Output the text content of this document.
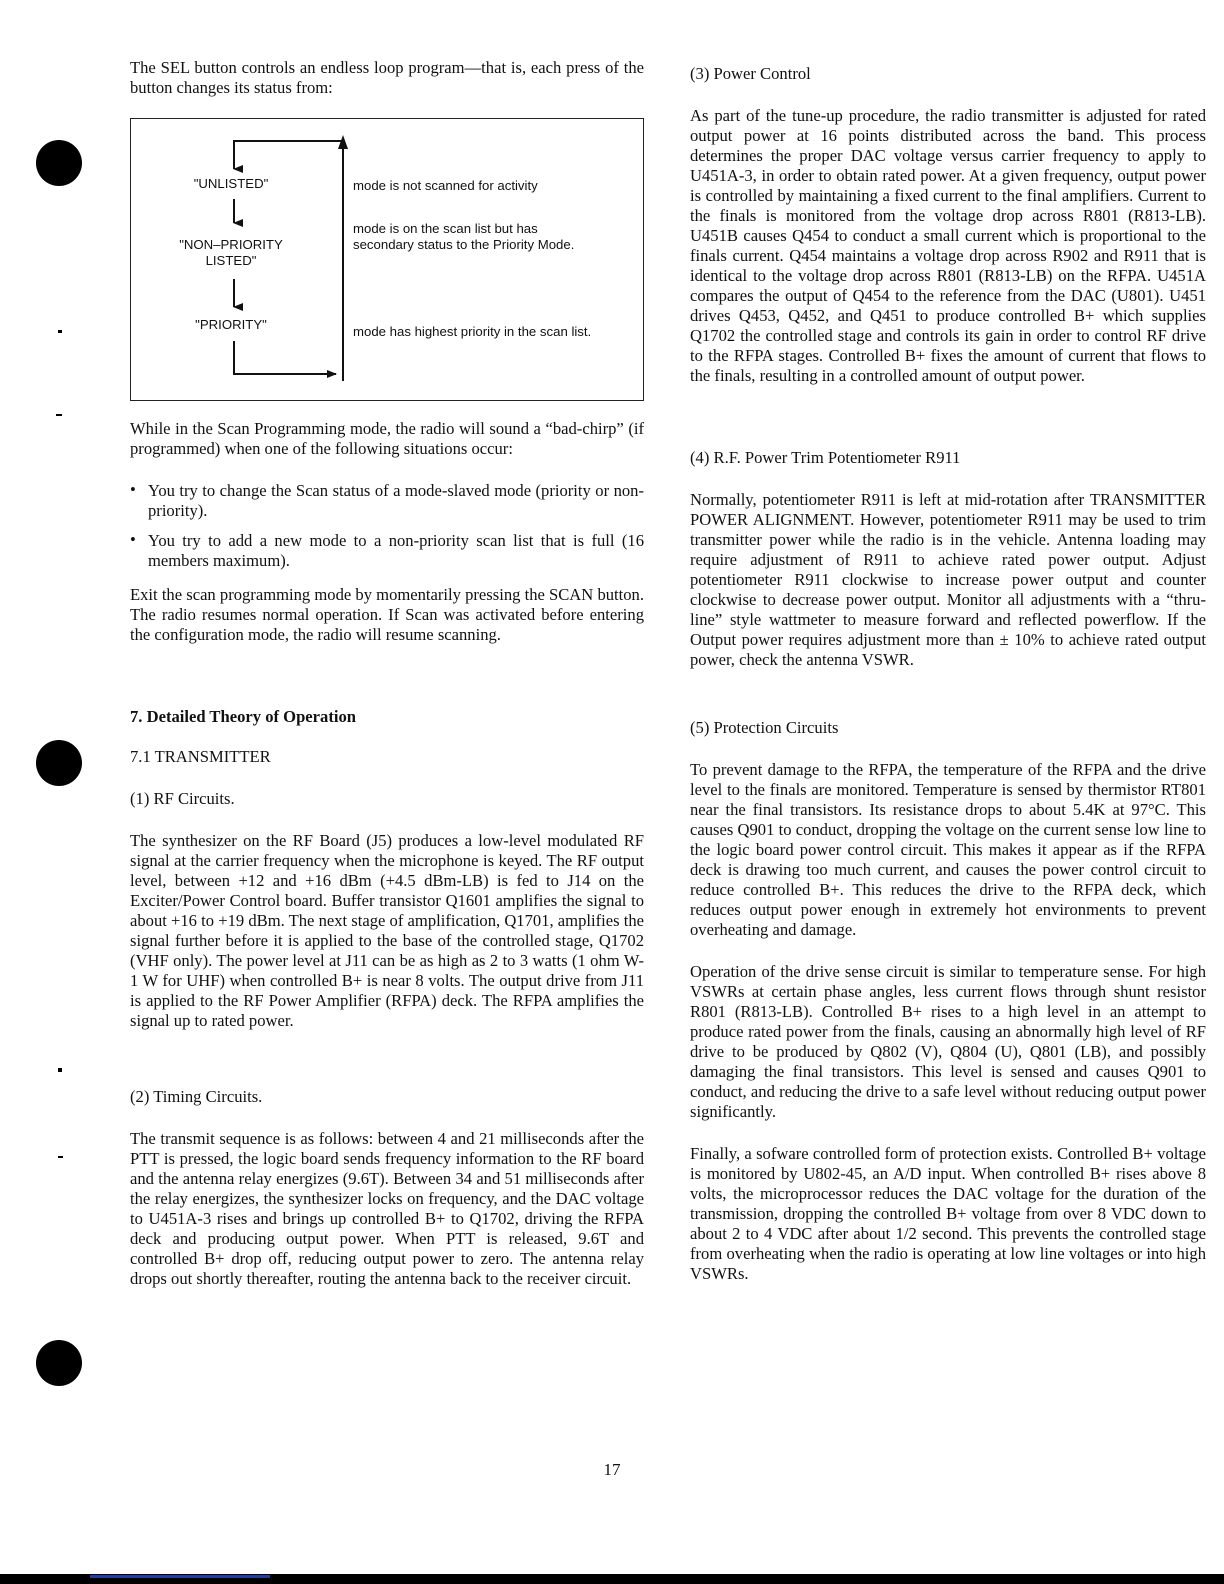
The SEL button controls an endless loop program—that is, each press of the button changes its status from:

"UNLISTED"	mode is not scanned for activity
"NON–PRIORITY
LISTED"
mode is on the scan list but has secondary status to the Priority Mode.
"PRIORITY"	mode has highest priority in the scan list.

While in the Scan Programming mode, the radio will sound a “bad-chirp” (if programmed) when one of the following situations occur:

• You try to change the Scan status of a mode-slaved mode (priority or non-priority).
• You try to add a new mode to a non-priority scan list that is full (16 members maximum).

Exit the scan programming mode by momentarily pressing the SCAN button. The radio resumes normal operation. If Scan was activated before entering the configuration mode, the radio will resume scanning.

7. Detailed Theory of Operation

7.1 TRANSMITTER

(1) RF Circuits.

The synthesizer on the RF Board (J5) produces a low-level modulated RF signal at the carrier frequency when the microphone is keyed. The RF output level, between +12 and +16 dBm (+4.5 dBm-LB) is fed to J14 on the Exciter/Power Control board. Buffer transistor Q1601 amplifies the signal to about +16 to +19 dBm. The next stage of amplification, Q1701, amplifies the signal further before it is applied to the base of the controlled stage, Q1702 (VHF only). The power level at J11 can be as high as 2 to 3 watts (1 ohm W-1 W for UHF) when controlled B+ is near 8 volts. The output drive from J11 is applied to the RF Power Amplifier (RFPA) deck. The RFPA amplifies the signal up to rated power.

(2) Timing Circuits.

The transmit sequence is as follows: between 4 and 21 milliseconds after the PTT is pressed, the logic board sends frequency information to the RF board and the antenna relay energizes (9.6T). Between 34 and 51 milliseconds after the relay energizes, the synthesizer locks on frequency, and the DAC voltage to U451A-3 rises and brings up controlled B+ to Q1702, driving the RFPA deck and producing output power. When PTT is released, 9.6T and controlled B+ drop off, reducing output power to zero. The antenna relay drops out shortly thereafter, routing the antenna back to the receiver circuit.

(3) Power Control

As part of the tune-up procedure, the radio transmitter is adjusted for rated output power at 16 points distributed across the band. This process determines the proper DAC voltage versus carrier frequency to apply to U451A-3, in order to obtain rated power. At a given frequency, output power is controlled by maintaining a fixed current to the final amplifiers. Current to the finals is monitored from the voltage drop across R801 (R813-LB). U451B causes Q454 to conduct a small current which is proportional to the finals current. Q454 maintains a voltage drop across R902 and R911 that is identical to the voltage drop across R801 (R813-LB) on the RFPA. U451A compares the output of Q454 to the reference from the DAC (U801). U451 drives Q453, Q452, and Q451 to produce controlled B+ which supplies Q1702 the controlled stage and controls its gain in order to control RF drive to the RFPA stages. Controlled B+ fixes the amount of current that flows to the finals, resulting in a controlled amount of output power.

(4) R.F. Power Trim Potentiometer R911

Normally, potentiometer R911 is left at mid-rotation after TRANSMITTER POWER ALIGNMENT. However, potentiometer R911 may be used to trim transmitter power while the radio is in the vehicle. Antenna loading may require adjustment of R911 to achieve rated power output. Adjust potentiometer R911 clockwise to increase power output and counter clockwise to decrease power output. Monitor all adjustments with a “thru-line” style wattmeter to measure forward and reflected powerflow. If the Output power requires adjustment more than ± 10% to achieve rated output power, check the antenna VSWR.

(5) Protection Circuits

To prevent damage to the RFPA, the temperature of the RFPA and the drive level to the finals are monitored. Temperature is sensed by thermistor RT801 near the final transistors. Its resistance drops to about 5.4K at 97°C. This causes Q901 to conduct, dropping the voltage on the current sense low line to the logic board power control circuit. This makes it appear as if the RFPA deck is drawing too much current, and causes the power control circuit to reduce controlled B+. This reduces the drive to the RFPA deck, which reduces output power enough in extremely hot environments to prevent overheating and damage.

Operation of the drive sense circuit is similar to temperature sense. For high VSWRs at certain phase angles, less current flows through shunt resistor R801 (R813-LB). Controlled B+ rises to a high level in an attempt to produce rated power from the finals, causing an abnormally high level of RF drive to be produced by Q802 (V), Q804 (U), Q801 (LB), and possibly damaging the final transistors. This level is sensed and causes Q901 to conduct, and reducing the drive to a safe level without reducing output power significantly.

Finally, a sofware controlled form of protection exists. Controlled B+ voltage is monitored by U802-45, an A/D input. When controlled B+ rises above 8 volts, the microprocessor reduces the DAC voltage for the duration of the transmission, dropping the controlled B+ voltage from over 8 VDC down to about 2 to 4 VDC after about 1/2 second. This prevents the controlled stage from overheating when the radio is operating at low line voltages or into high VSWRs.

17
